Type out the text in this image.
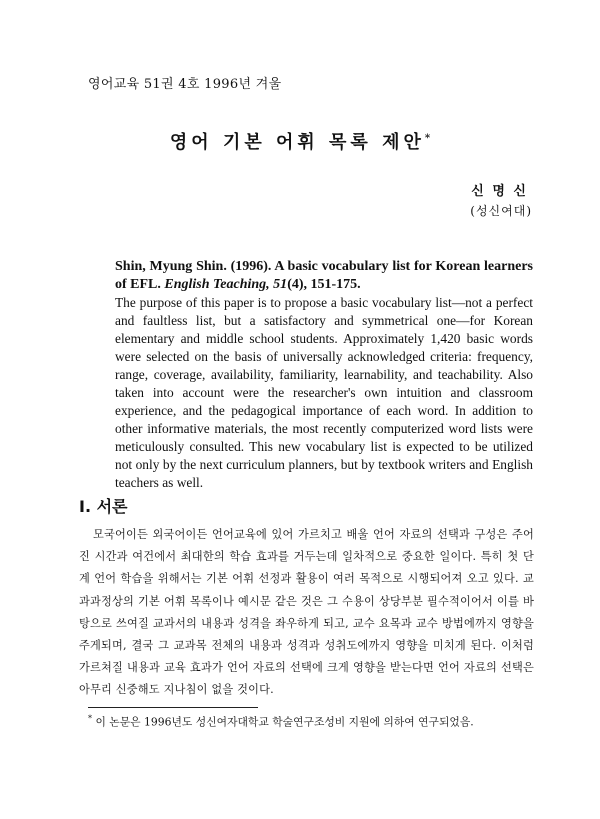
영어교육 51권 4호 1996년 겨울
영어 기본 어휘 목록 제안*
신 명 신
(성신여대)
Shin, Myung Shin. (1996). A basic vocabulary list for Korean learners of EFL. English Teaching, 51(4), 151-175.
The purpose of this paper is to propose a basic vocabulary list—not a perfect and faultless list, but a satisfactory and symmetrical one—for Korean elementary and middle school students. Approximately 1,420 basic words were selected on the basis of universally acknowledged criteria: frequency, range, coverage, availability, familiarity, learnability, and teachability. Also taken into account were the researcher's own intuition and classroom experience, and the pedagogical importance of each word. In addition to other informative materials, the most recently computerized word lists were meticulously consulted. This new vocabulary list is expected to be utilized not only by the next curriculum planners, but by textbook writers and English teachers as well.
I. 서론
모국어이든 외국어이든 언어교육에 있어 가르치고 배울 언어 자료의 선택과 구성은 주어진 시간과 여건에서 최대한의 학습 효과를 거두는데 일차적으로 중요한 일이다. 특히 첫 단계 언어 학습을 위해서는 기본 어휘 선정과 활용이 여러 목적으로 시행되어져 오고 있다. 교과과정상의 기본 어휘 목록이나 예시문 같은 것은 그 수용이 상당부분 필수적이어서 이를 바탕으로 쓰여질 교과서의 내용과 성격을 좌우하게 되고, 교수 요목과 교수 방법에까지 영향을 주게되며, 결국 그 교과목 전체의 내용과 성격과 성취도에까지 영향을 미치게 된다. 이처럼 가르쳐질 내용과 교육 효과가 언어 자료의 선택에 크게 영향을 받는다면 언어 자료의 선택은 아무리 신중해도 지나침이 없을 것이다.
* 이 논문은 1996년도 성신여자대학교 학술연구조성비 지원에 의하여 연구되었음.
